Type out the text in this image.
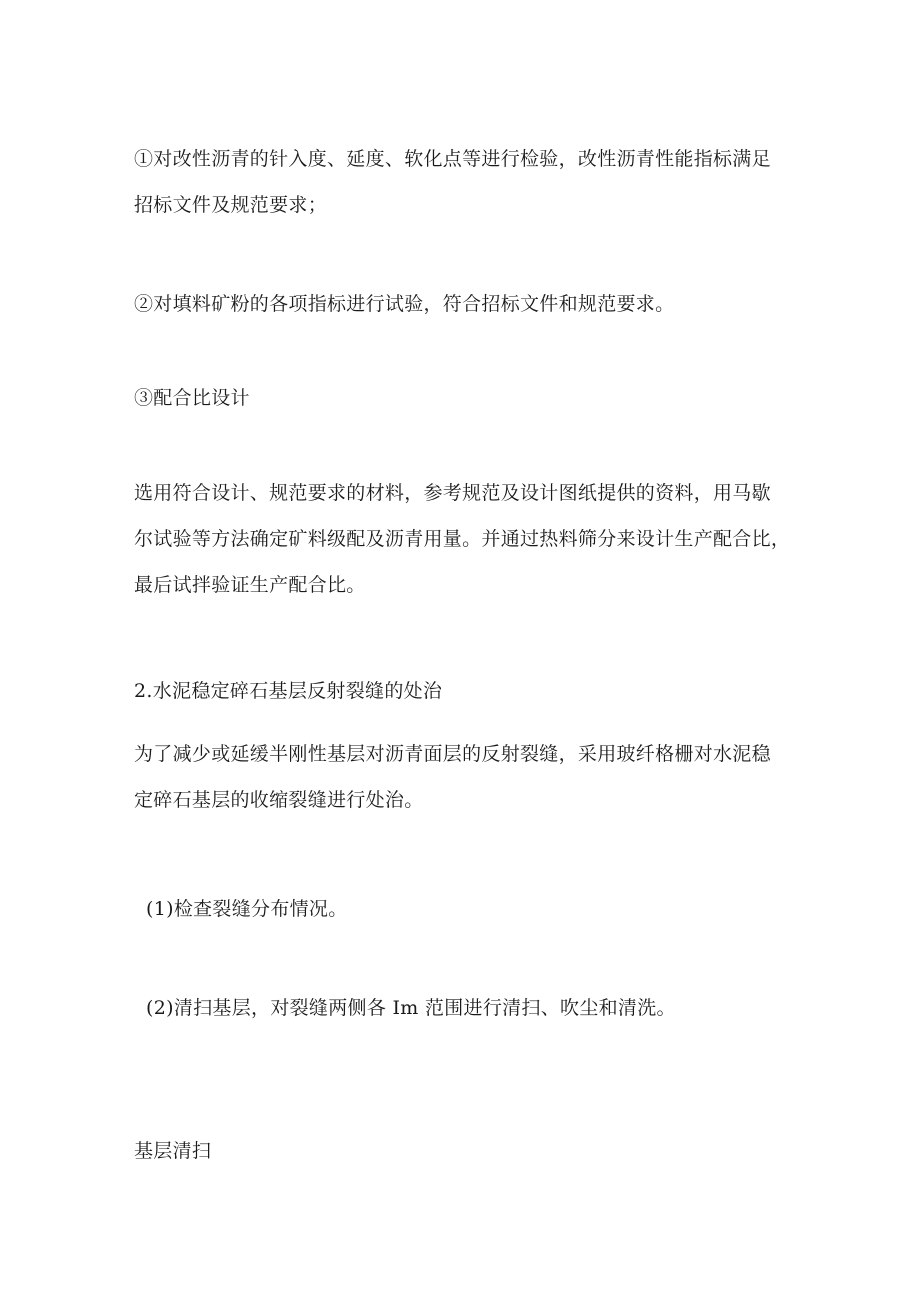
①对改性沥青的针入度、延度、软化点等进行检验，改性沥青性能指标满足
招标文件及规范要求；

②对填料矿粉的各项指标进行试验，符合招标文件和规范要求。

③配合比设计

选用符合设计、规范要求的材料，参考规范及设计图纸提供的资料，用马歇
尔试验等方法确定矿料级配及沥青用量。并通过热料筛分来设计生产配合比，
最后试拌验证生产配合比。

2.水泥稳定碎石基层反射裂缝的处治

为了减少或延缓半刚性基层对沥青面层的反射裂缝，采用玻纤格栅对水泥稳
定碎石基层的收缩裂缝进行处治。

(1)检查裂缝分布情况。

(2)清扫基层，对裂缝两侧各 Im 范围进行清扫、吹尘和清洗。

基层清扫
